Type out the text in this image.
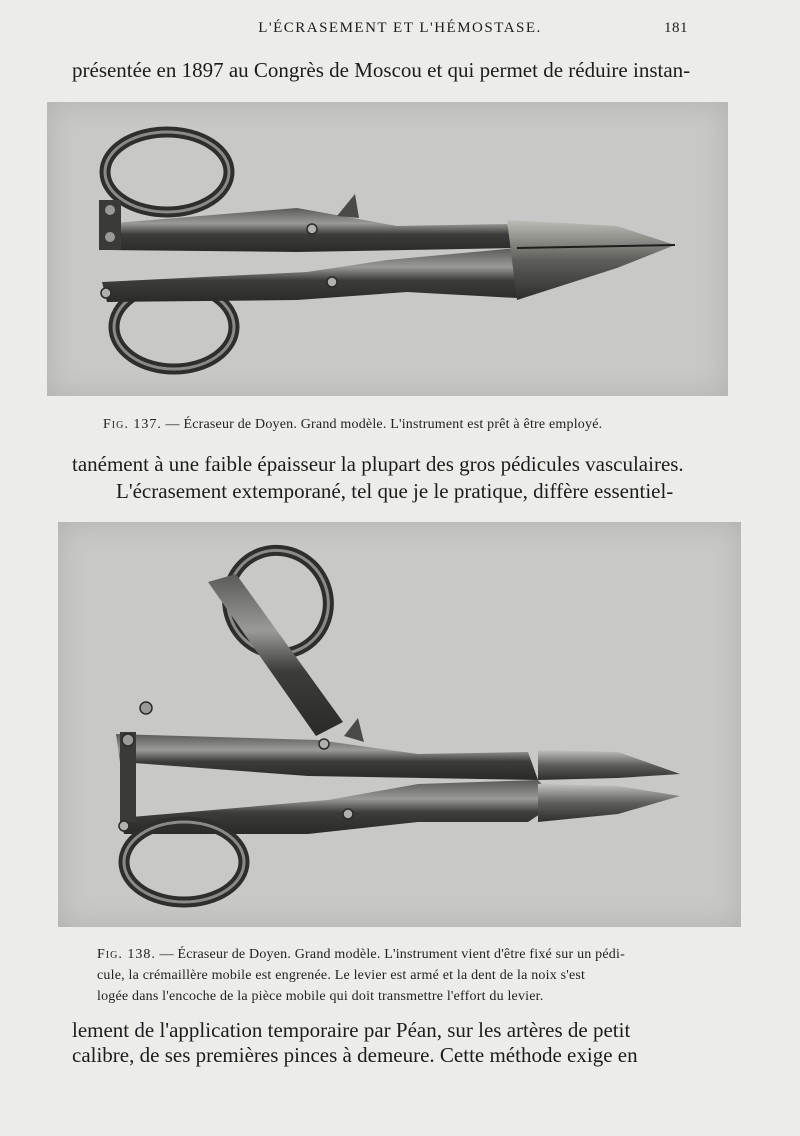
L'ÉCRASEMENT ET L'HÉMOSTASE.	181
présentée en 1897 au Congrès de Moscou et qui permet de réduire instan-
Fig. 137. — Écraseur de Doyen. Grand modèle. L'instrument est prêt à être employé.
tanément à une faible épaisseur la plupart des gros pédicules vasculaires.
L'écrasement extemporané, tel que je le pratique, diffère essentiel-
Fig. 138. — Écraseur de Doyen. Grand modèle. L'instrument vient d'être fixé sur un pédi-
cule, la crémaillère mobile est engrenée. Le levier est armé et la dent de la noix s'est
logée dans l'encoche de la pièce mobile qui doit transmettre l'effort du levier.
lement de l'application temporaire par Péan, sur les artères de petit
calibre, de ses premières pinces à demeure. Cette méthode exige en
